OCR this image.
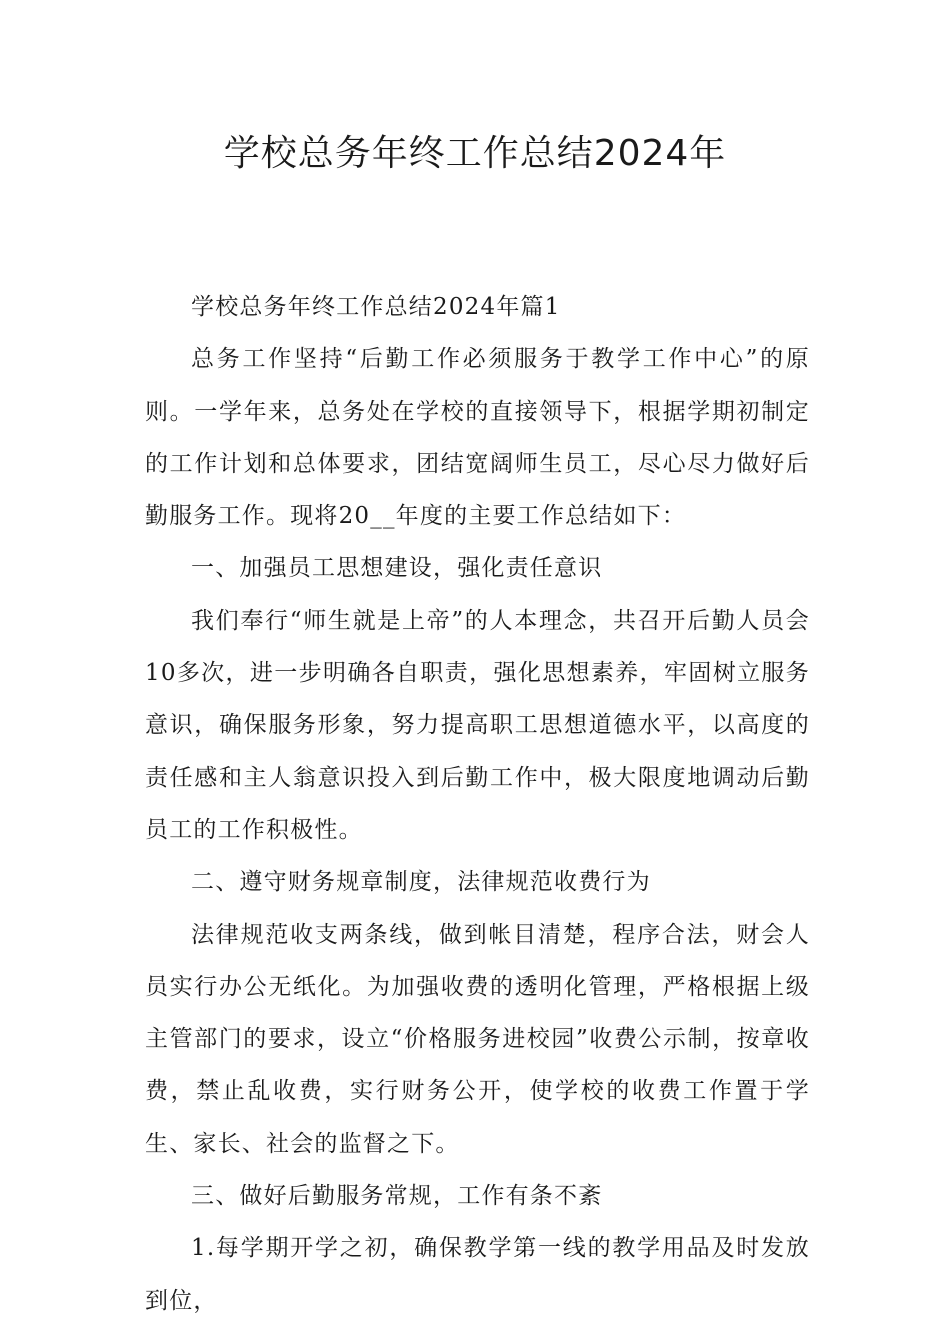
学校总务年终工作总结2024年

学校总务年终工作总结2024年篇1

总务工作坚持“后勤工作必须服务于教学工作中心”的原则。一学年来，总务处在学校的直接领导下，根据学期初制定的工作计划和总体要求，团结宽阔师生员工，尽心尽力做好后勤服务工作。现将20__年度的主要工作总结如下：

一、加强员工思想建设，强化责任意识

我们奉行“师生就是上帝”的人本理念，共召开后勤人员会10多次，进一步明确各自职责，强化思想素养，牢固树立服务意识，确保服务形象，努力提高职工思想道德水平，以高度的责任感和主人翁意识投入到后勤工作中，极大限度地调动后勤员工的工作积极性。

二、遵守财务规章制度，法律规范收费行为

法律规范收支两条线，做到帐目清楚，程序合法，财会人员实行办公无纸化。为加强收费的透明化管理，严格根据上级主管部门的要求，设立“价格服务进校园”收费公示制，按章收费，禁止乱收费，实行财务公开，使学校的收费工作置于学生、家长、社会的监督之下。

三、做好后勤服务常规，工作有条不紊

1.每学期开学之初，确保教学第一线的教学用品及时发放到位，
